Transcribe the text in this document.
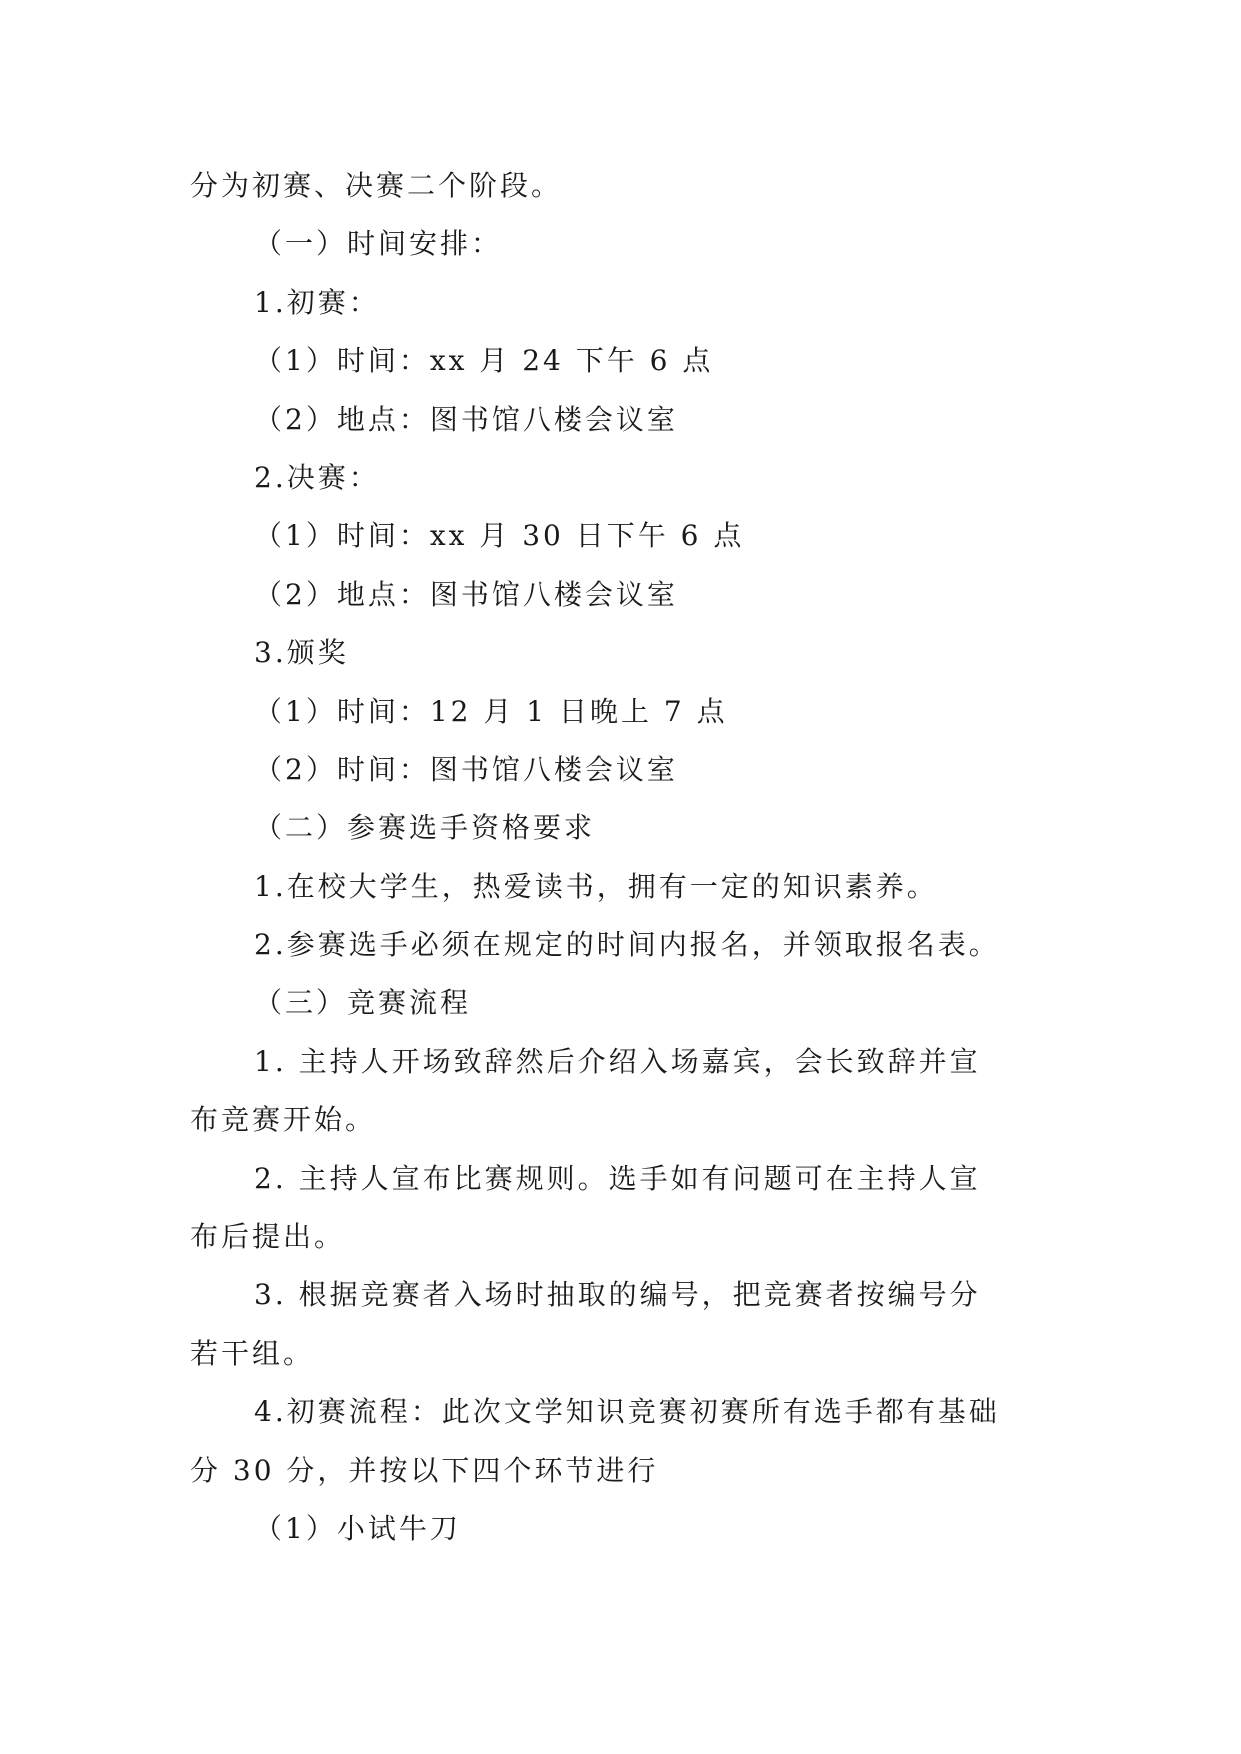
分为初赛、决赛二个阶段。
（一）时间安排：
1.初赛：
（1）时间：xx 月 24 下午 6 点
（2）地点：图书馆八楼会议室
2.决赛：
（1）时间：xx 月 30 日下午 6 点
（2）地点：图书馆八楼会议室
3.颁奖
（1）时间：12 月 1 日晚上 7 点
（2）时间：图书馆八楼会议室
（二）参赛选手资格要求
1.在校大学生，热爱读书，拥有一定的知识素养。
2.参赛选手必须在规定的时间内报名，并领取报名表。
（三）竞赛流程
1. 主持人开场致辞然后介绍入场嘉宾，会长致辞并宣
布竞赛开始。
2. 主持人宣布比赛规则。选手如有问题可在主持人宣
布后提出。
3. 根据竞赛者入场时抽取的编号，把竞赛者按编号分
若干组。
4.初赛流程：此次文学知识竞赛初赛所有选手都有基础
分 30 分，并按以下四个环节进行
（1）小试牛刀
